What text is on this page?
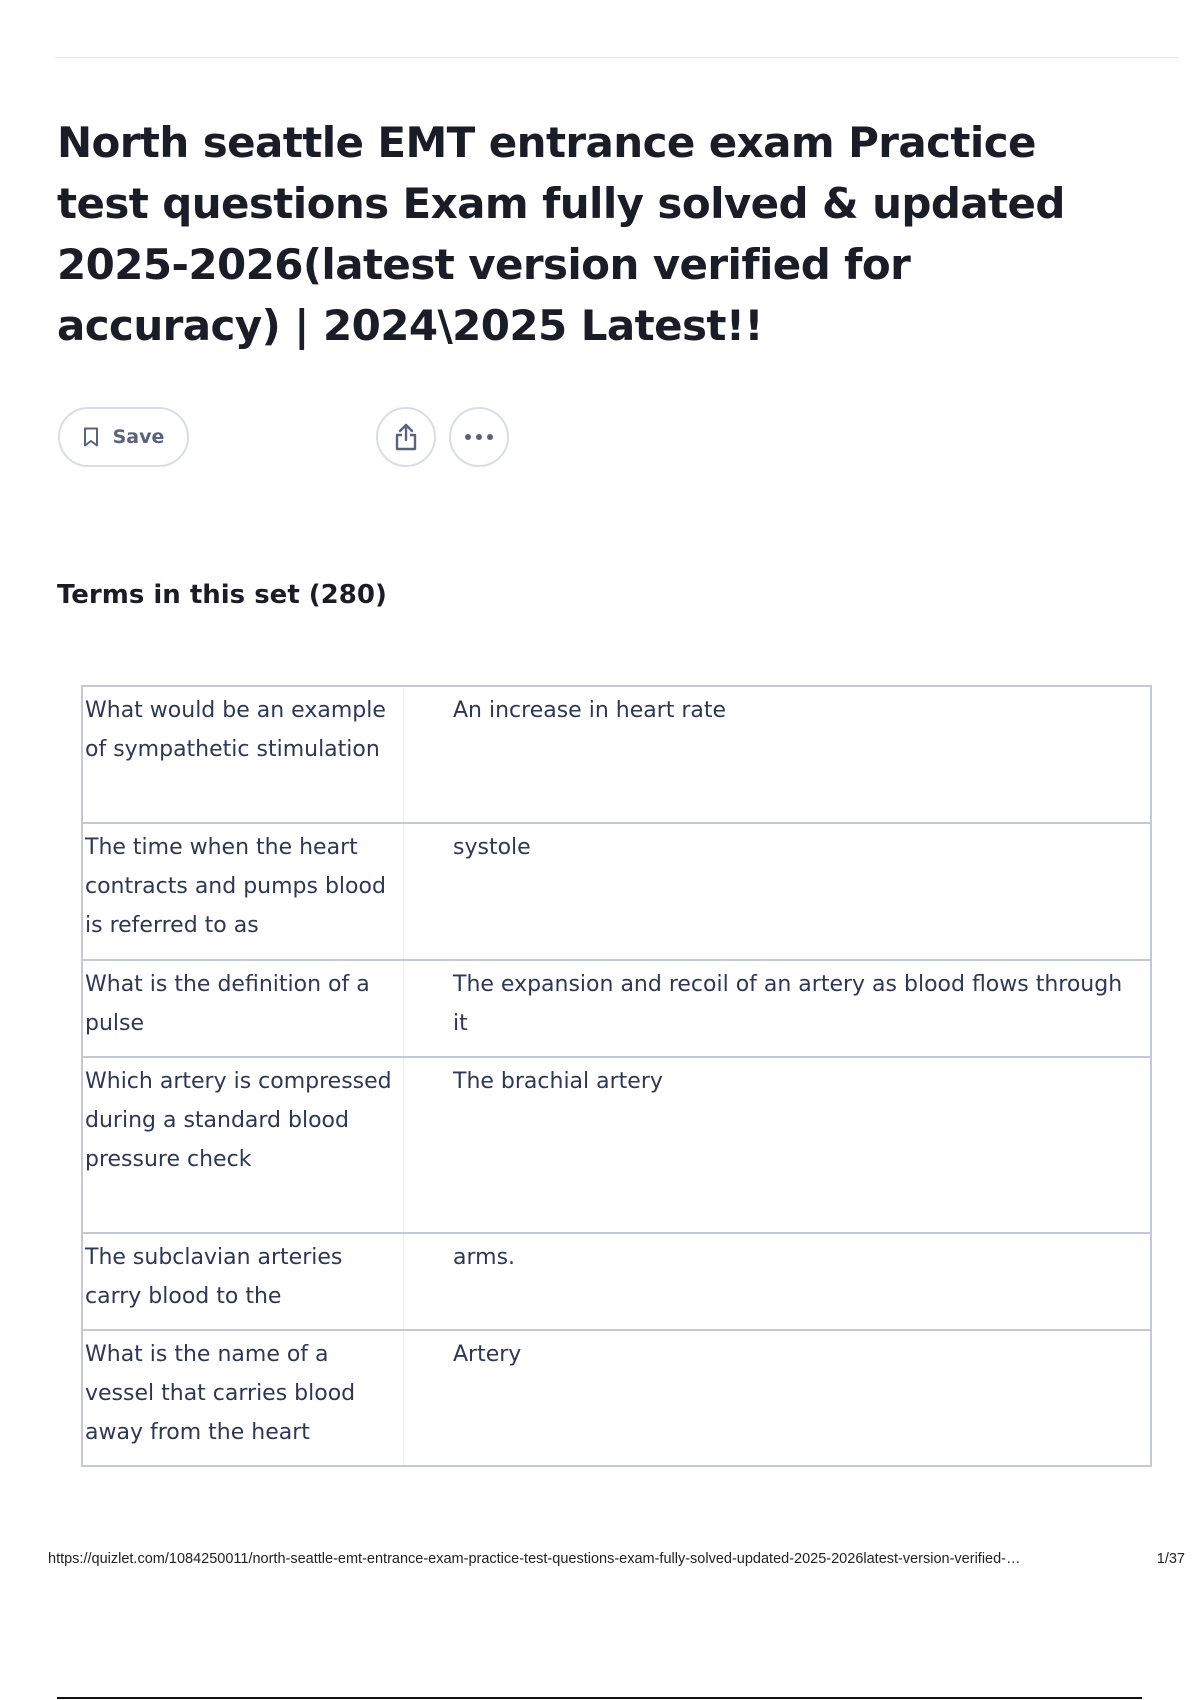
North seattle EMT entrance exam Practice test questions Exam fully solved & updated 2025-2026(latest version verified for accuracy) | 2024\2025 Latest!!
Save
Terms in this set (280)
What would be an example of sympathetic stimulation
An increase in heart rate
The time when the heart contracts and pumps blood is referred to as
systole
What is the definition of a pulse
The expansion and recoil of an artery as blood flows through it
Which artery is compressed during a standard blood pressure check
The brachial artery
The subclavian arteries carry blood to the
arms.
What is the name of a vessel that carries blood away from the heart
Artery
https://quizlet.com/1084250011/north-seattle-emt-entrance-exam-practice-test-questions-exam-fully-solved-updated-2025-2026latest-version-verified-…	1/37
